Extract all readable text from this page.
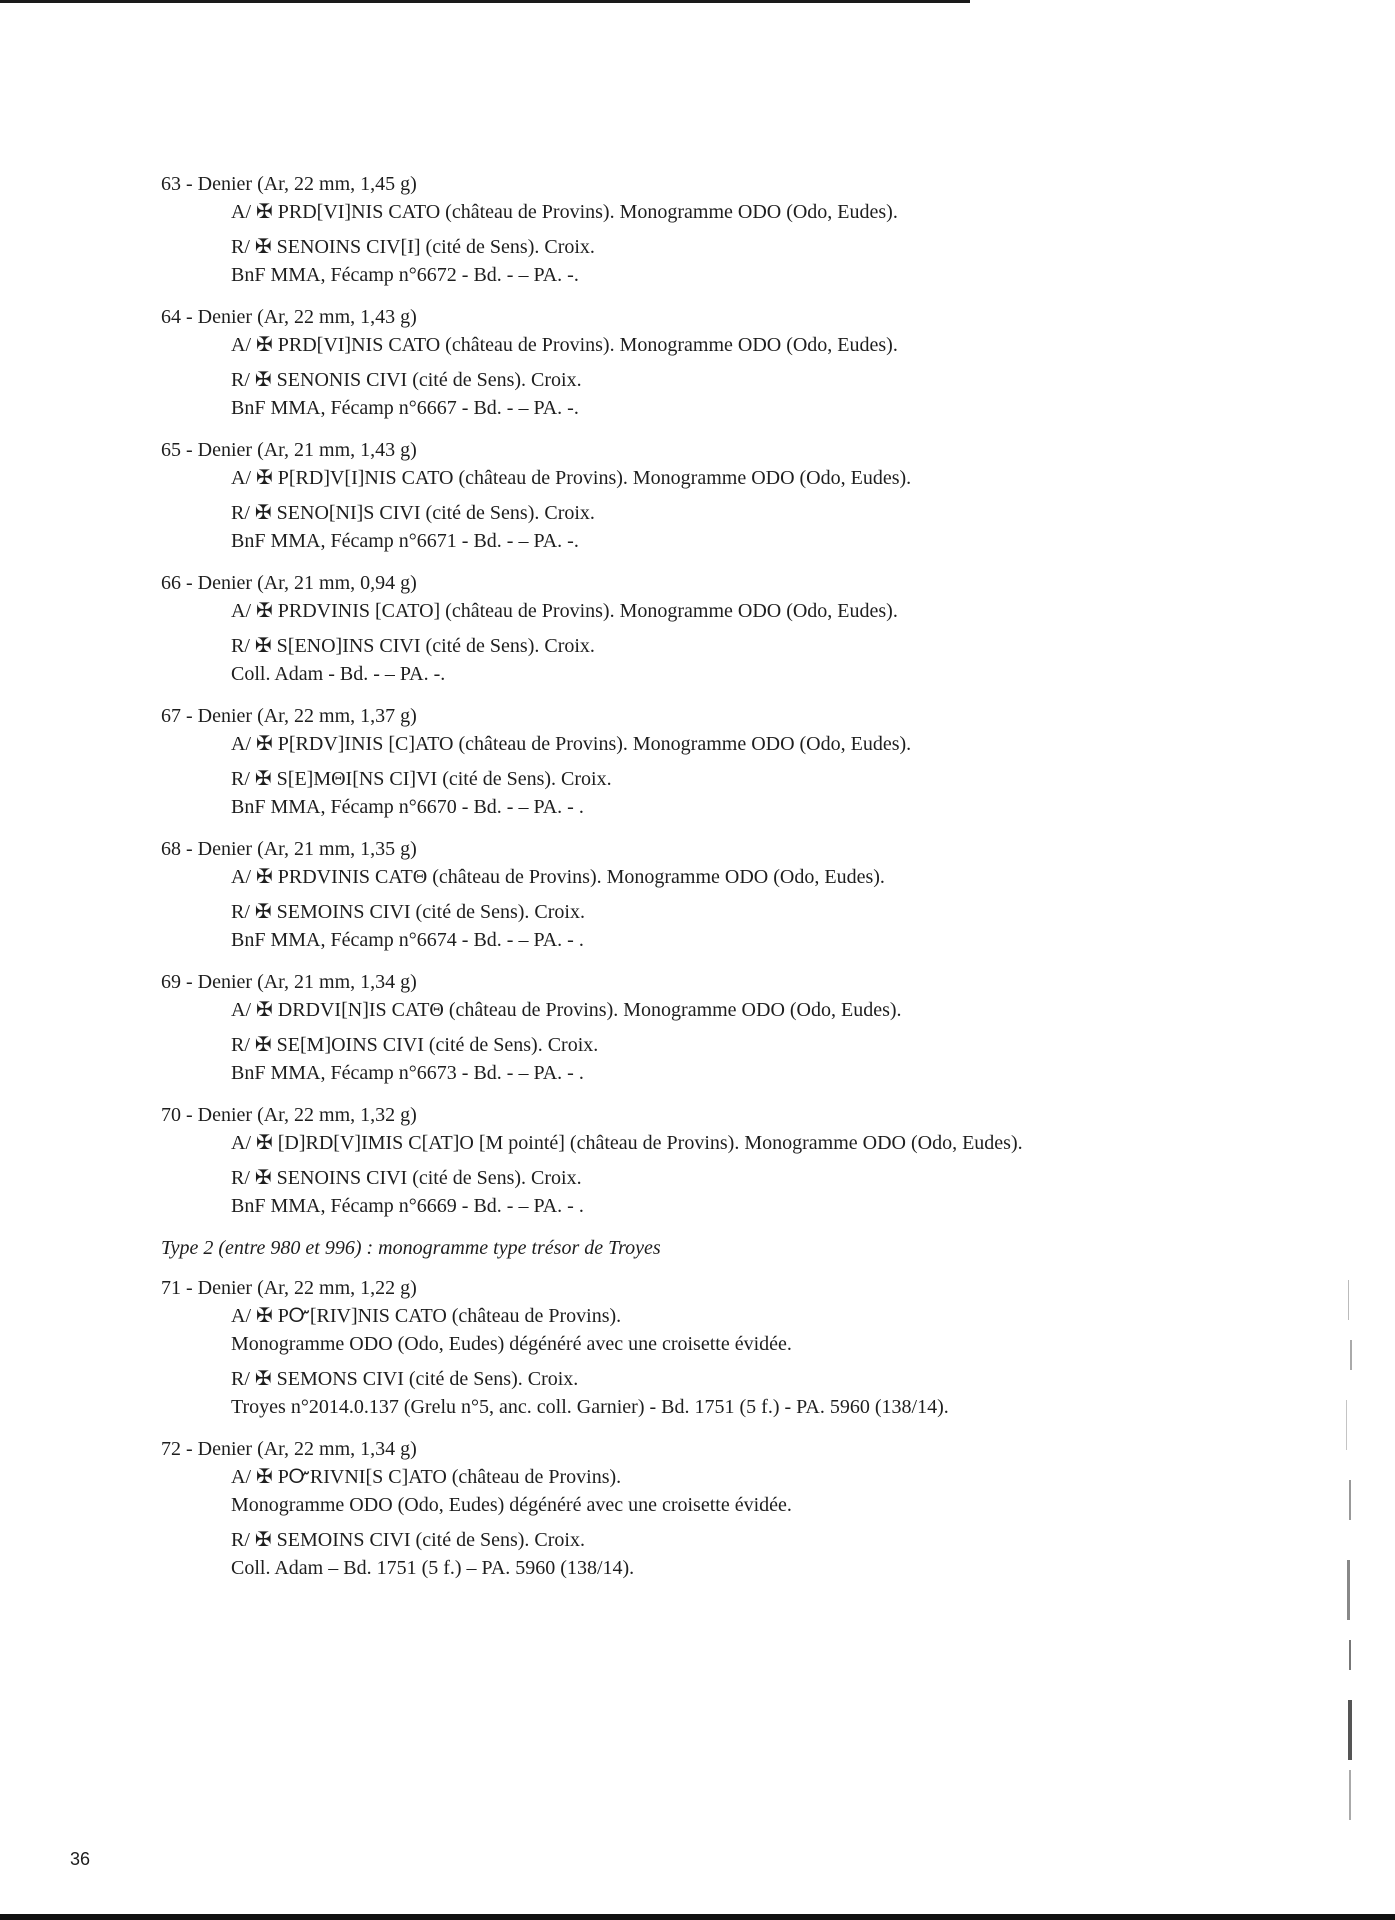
63 - Denier (Ar, 22 mm, 1,45 g)
A/ ✠ PRD[VI]NIS CATO (château de Provins). Monogramme ODO (Odo, Eudes).
R/ ✠ SENOINS CIV[I] (cité de Sens). Croix.
BnF MMA, Fécamp n°6672 - Bd. - – PA. -.
64 - Denier (Ar, 22 mm, 1,43 g)
A/ ✠ PRD[VI]NIS CATO (château de Provins). Monogramme ODO (Odo, Eudes).
R/ ✠ SENONIS CIVI (cité de Sens). Croix.
BnF MMA, Fécamp n°6667 - Bd. - – PA. -.
65 - Denier (Ar, 21 mm, 1,43 g)
A/ ✠ P[RD]V[I]NIS CATO (château de Provins). Monogramme ODO (Odo, Eudes).
R/ ✠ SENO[NI]S CIVI (cité de Sens). Croix.
BnF MMA, Fécamp n°6671 - Bd. - – PA. -.
66 - Denier (Ar, 21 mm, 0,94 g)
A/ ✠ PRDVINIS [CATO] (château de Provins). Monogramme ODO (Odo, Eudes).
R/ ✠ S[ENO]INS CIVI (cité de Sens). Croix.
Coll. Adam - Bd. - – PA. -.
67 - Denier (Ar, 22 mm, 1,37 g)
A/ ✠ P[RDV]INIS [C]ATO (château de Provins). Monogramme ODO (Odo, Eudes).
R/ ✠ S[E]MΘI[NS CI]VI (cité de Sens). Croix.
BnF MMA, Fécamp n°6670 - Bd. - – PA. - .
68 - Denier (Ar, 21 mm, 1,35 g)
A/ ✠ PRDVINIS CATΘ (château de Provins). Monogramme ODO (Odo, Eudes).
R/ ✠ SEMOINS CIVI (cité de Sens). Croix.
BnF MMA, Fécamp n°6674 - Bd. - – PA. - .
69 - Denier (Ar, 21 mm, 1,34 g)
A/ ✠ DRDVI[N]IS CATΘ (château de Provins). Monogramme ODO (Odo, Eudes).
R/ ✠ SE[M]OINS CIVI (cité de Sens). Croix.
BnF MMA, Fécamp n°6673 - Bd. - – PA. - .
70 - Denier (Ar, 22 mm, 1,32 g)
A/ ✠ [D]RD[V]IMIS C[AT]O [M pointé] (château de Provins). Monogramme ODO (Odo, Eudes).
R/ ✠ SENOINS CIVI (cité de Sens). Croix.
BnF MMA, Fécamp n°6669 - Bd. - – PA. - .
Type 2 (entre 980 et 996) : monogramme type trésor de Troyes
71 - Denier (Ar, 22 mm, 1,22 g)
A/ ✠ PᏅ[RIV]NIS CATO (château de Provins).
Monogramme ODO (Odo, Eudes) dégénéré avec une croisette évidée.
R/ ✠ SEMONS CIVI (cité de Sens). Croix.
Troyes n°2014.0.137 (Grelu n°5, anc. coll. Garnier) - Bd. 1751 (5 f.) - PA. 5960 (138/14).
72 - Denier (Ar, 22 mm, 1,34 g)
A/ ✠ PᏅRIVNI[S C]ATO (château de Provins).
Monogramme ODO (Odo, Eudes) dégénéré avec une croisette évidée.
R/ ✠ SEMOINS CIVI (cité de Sens). Croix.
Coll. Adam – Bd. 1751 (5 f.) – PA. 5960 (138/14).
36
